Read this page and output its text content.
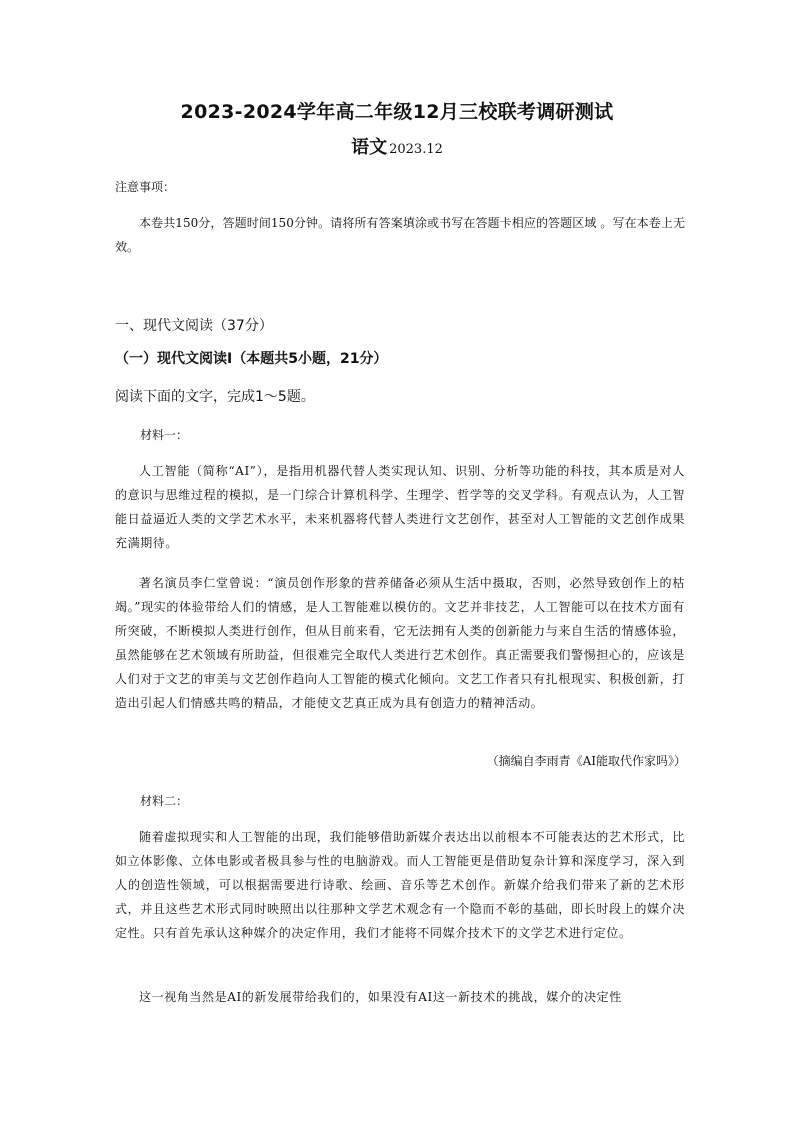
2023-2024学年高二年级12月三校联考调研测试
语文 2023.12
注意事项：
本卷共150分，答题时间150分钟。请将所有答案填涂或书写在答题卡相应的答题区域 。写在本卷上无效。
一、现代文阅读（37分）
（一）现代文阅读Ⅰ（本题共5小题，21分）
阅读下面的文字，完成1～5题。
材料一：
人工智能（简称“AI”），是指用机器代替人类实现认知、识别、分析等功能的科技，其本质是对人的意识与思维过程的模拟，是一门综合计算机科学、生理学、哲学等的交叉学科。有观点认为，人工智能日益逼近人类的文学艺术水平，未来机器将代替人类进行文艺创作，甚至对人工智能的文艺创作成果充满期待。
著名演员李仁堂曾说：“演员创作形象的营养储备必须从生活中摄取，否则，必然导致创作上的枯竭。”现实的体验带给人们的情感，是人工智能难以模仿的。文艺并非技艺，人工智能可以在技术方面有所突破，不断模拟人类进行创作，但从目前来看，它无法拥有人类的创新能力与来自生活的情感体验，虽然能够在艺术领域有所助益，但很难完全取代人类进行艺术创作。真正需要我们警惕担心的，应该是人们对于文艺的审美与文艺创作趋向人工智能的模式化倾向。文艺工作者只有扎根现实、积极创新，打造出引起人们情感共鸣的精品，才能使文艺真正成为具有创造力的精神活动。
（摘编自李雨青《AI能取代作家吗》）
材料二：
随着虚拟现实和人工智能的出现，我们能够借助新媒介表达出以前根本不可能表达的艺术形式，比如立体影像、立体电影或者极具参与性的电脑游戏。而人工智能更是借助复杂计算和深度学习，深入到人的创造性领域，可以根据需要进行诗歌、绘画、音乐等艺术创作。新媒介给我们带来了新的艺术形式，并且这些艺术形式同时映照出以往那种文学艺术观念有一个隐而不彰的基础，即长时段上的媒介决定性。只有首先承认这种媒介的决定作用，我们才能将不同媒介技术下的文学艺术进行定位。
这一视角当然是AI的新发展带给我们的，如果没有AI这一新技术的挑战，媒介的决定性
